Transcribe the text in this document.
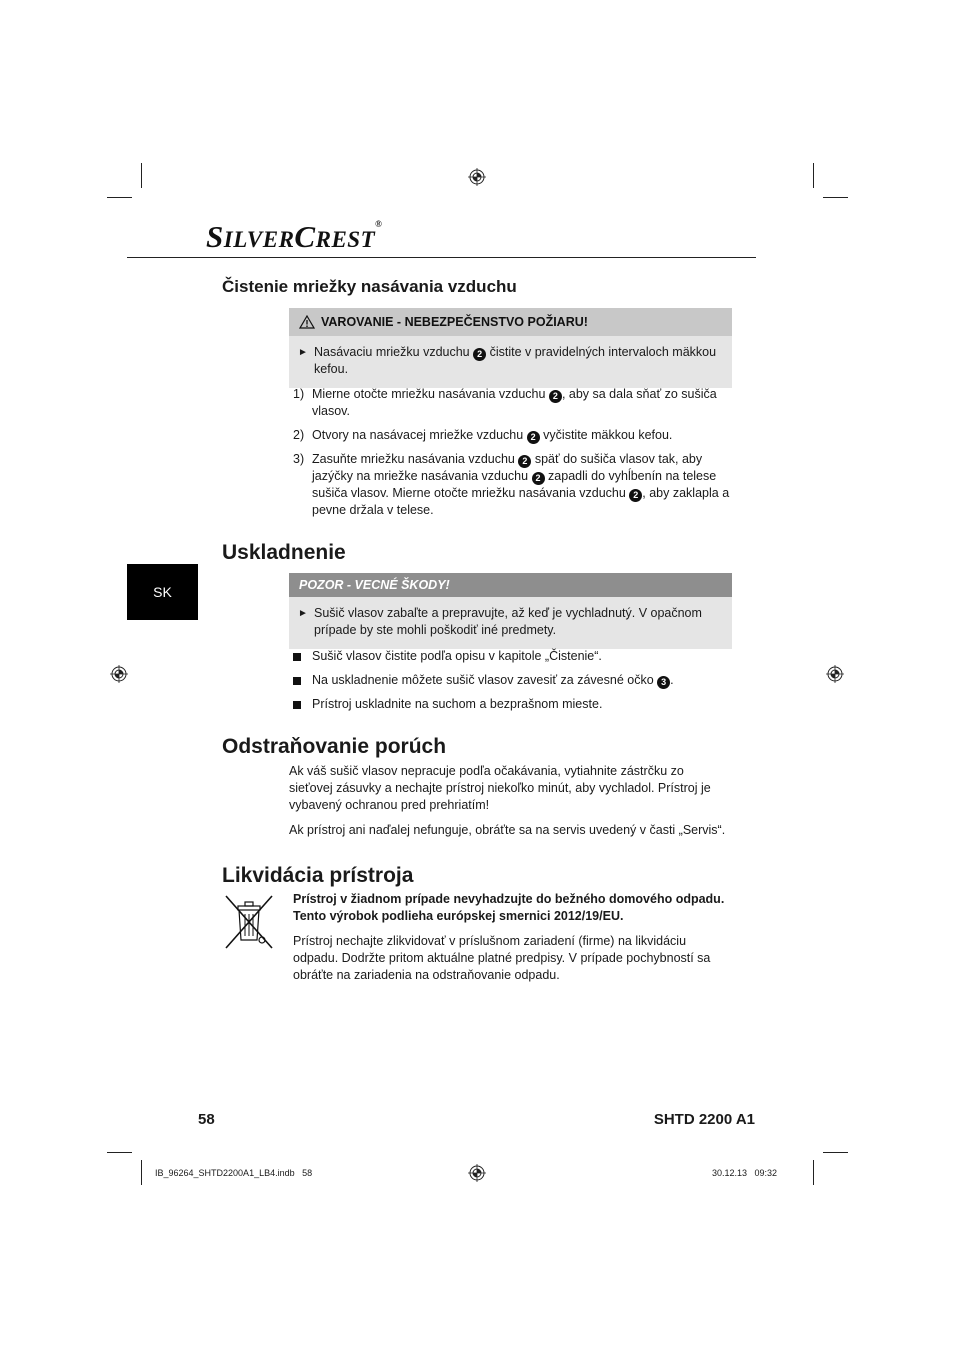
SILVERCREST®
Čistenie mriežky nasávania vzduchu
VAROVANIE - NEBEZPEČENSTVO POŽIARU!
► Nasávaciu mriežku vzduchu 2 čistite v pravidelných intervaloch mäkkou kefou.
1) Mierne otočte mriežku nasávania vzduchu 2 , aby sa dala sňať zo sušiča vlasov.
2) Otvory na nasávacej mriežke vzduchu 2 vyčistite mäkkou kefou.
3) Zasuňte mriežku nasávania vzduchu 2 späť do sušiča vlasov tak, aby jazýčky na mriežke nasávania vzduchu 2 zapadli do vyhĺbenín na telese sušiča vlasov. Mierne otočte mriežku nasávania vzduchu 2 , aby zaklapla a pevne držala v telese.
Uskladnenie
SK	POZOR - VECNÉ ŠKODY!
► Sušič vlasov zabaľte a prepravujte, až keď je vychladnutý. V opačnom prípade by ste mohli poškodiť iné predmety.
Sušič vlasov čistite podľa opisu v kapitole „Čistenie“.
Na uskladnenie môžete sušič vlasov zavesiť za závesné očko 3 .
Prístroj uskladnite na suchom a bezprašnom mieste.
Odstraňovanie porúch
Ak váš sušič vlasov nepracuje podľa očakávania, vytiahnite zástrčku zo sieťovej zásuvky a nechajte prístroj niekoľko minút, aby vychladol. Prístroj je vybavený ochranou pred prehriatím!
Ak prístroj ani naďalej nefunguje, obráťte sa na servis uvedený v časti „Servis“.
Likvidácia prístroja
Prístroj v žiadnom prípade nevyhadzujte do bežného domového odpadu. Tento výrobok podlieha európskej smernici 2012/19/EU.
Prístroj nechajte zlikvidovať v príslušnom zariadení (firme) na likvidáciu odpadu. Dodržte pritom aktuálne platné predpisy. V prípade pochybností sa obráťte na zariadenia na odstraňovanie odpadu.
58	SHTD 2200 A1
IB_96264_SHTD2200A1_LB4.indb   58	30.12.13   09:32
